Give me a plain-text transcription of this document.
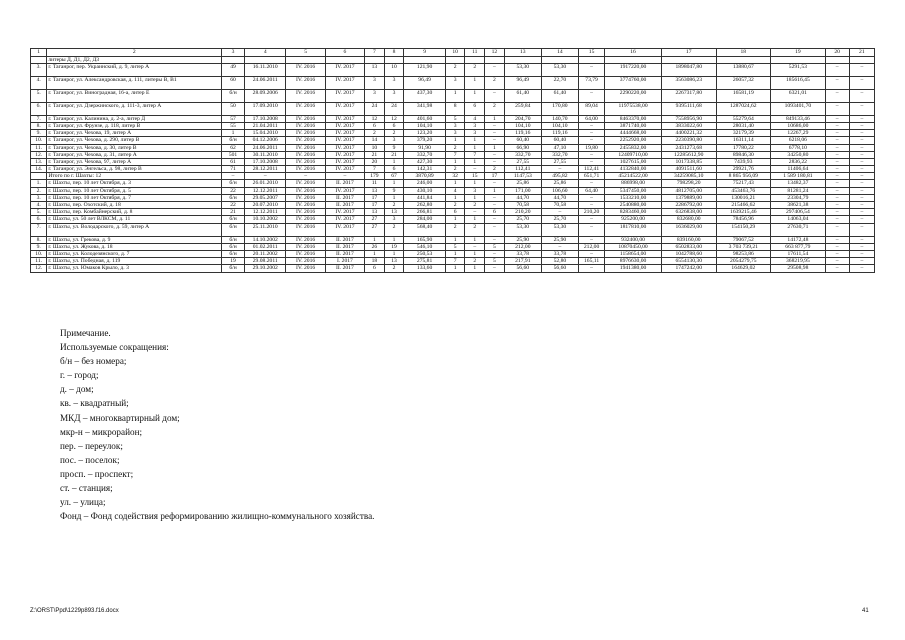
1	2	3	4	5	6	7	8	9	10	11	12	13	14	15	16	17	18	19	20	21
	литеры Д, Д1, Д2, Д3																			
3.	г. Таганрог, пер. Украинский, д. 9, литер А	49	16.11.2010	IV. 2016	IV. 2017	13	10	121,90	2	2	–	53,30	53,30	–	1917220,00	1898047,80	13880,67	5291,53	–	–
4.	г. Таганрог, ул. Александровская, д. 111, литеры В, В1	60	24.06.2011	IV. 2016	IV. 2017	3	3	96,49	3	1	2	96,49	22,70	73,79	3774760,00	3563086,23	26057,32	185616,45	–	–
5.	г. Таганрог, ул. Виноградная, 16-а, литер Е	б/н	28.09.2006	IV. 2016	IV. 2017	3	3	437,30	1	1	–	61,40	61,40	–	2290220,00	2267317,80	16581,19	6321,01	–	–
6.	г. Таганрог, ул. Дзержинского, д. 111-3, литер А	50	17.09.2010	IV. 2016	IV. 2017	24	24	341,98	8	6	2	259,84	170,80	89,04	11975538,00	9395111,68	1287024,62	1093401,70	–	–
7.	г. Таганрог, ул. Калинина, д. 2-а, литер Д	57	17.10.2008	IV. 2016	IV. 2017	12	12	401,60	5	4	1	204,70	140,70	64,00	8463370,00	7558956,90	55279,64	849133,46	–	–
8.	г. Таганрог, ул. Фрунзе, д. 118, литер В	55	21.04.2011	IV. 2016	IV. 2017	6	6	104,10	3	3	–	104,10	104,10	–	3871740,00	3833022,60	28031,40	10686,00	–	–
9.	г. Таганрог, ул. Чехова, 19, литер А	1	15.04.2010	IV. 2016	IV. 2017	2	2	123,20	3	3	–	119,16	119,16	–	4444668,00	4400221,32	32179,39	12267,29	–	–
10.	г. Таганрог, ул. Чехова, д. 290, литер В	б/н	04.12.2006	IV. 2016	IV. 2017	14	3	379,20	1	1	–	60,40	60,40	–	2252920,00	2230390,80	16311,14	6218,06	–	–
11.	г. Таганрог, ул. Чехова, д. 30, литер В	62	24.06.2011	IV. 2016	IV. 2017	10	9	91,90	2	1	1	66,90	47,10	19,80	2455832,00	2431273,68	17780,22	6778,10	–	–
12.	г. Таганрог, ул. Чехова, д. 31, литер А	501	30.11.2010	IV. 2016	IV. 2017	21	21	332,70	7	7	–	332,70	332,70	–	12409710,00	12285612,90	89846,30	34250,80	–	–
13.	г. Таганрог, ул. Чехова, 97, литер А	61	17.10.2008	IV. 2016	IV. 2017	20	1	427,30	1	1	–	27,55	27,55	–	1027615,00	1017338,85	7439,93	2836,22	–	–
14.	г. Таганрог, ул. Энгельса, д. 98, литер В	71	28.12.2011	IV. 2016	IV. 2017	7	6	142,31	2	–	2	112,41	–	112,41	4132840,00	4091511,60	29921,76	11406,64	–	–
	Итого по г. Шахты: 12	–	–	–	–	179	67	3870,89	32	15	17	1147,53	495,82	651,71	45214522,00	34259085,10	8 865 956,09	1 589 180,81	–	–
1.	г. Шахты, пер. 10 лет Октября, д. 3	б/н	26.01.2010	IV. 2016	II. 2017	11	1	246,00	1	1	–	25,86	25,86	–	886998,00	798298,20	75217,43	13482,37	–	–
2.	г. Шахты, пер. 10 лет Октября, д. 5	22	12.12.2011	IV. 2016	IV. 2017	13	9	430,10	4	3	1	171,00	106,60	64,40	5347450,00	4812705,00	453463,76	81281,24	–	–
3.	г. Шахты, пер. 10 лет Октября, д. 7	б/н	29.05.2007	IV. 2016	II. 2017	17	1	441,84	1	1	–	44,70	44,70	–	1533210,00	1379889,00	130016,21	23304,79	–	–
4.	г. Шахты, пер. Охотский, д. 18	22	20.07.2010	IV. 2016	II. 2017	17	2	262,80	2	2	–	70,58	70,58	–	2540880,00	2286792,00	215466,62	38621,38	–	–
5.	г. Шахты, пер. Комбайнерский, д. 8	21	12.12.2011	IV. 2016	IV. 2017	13	13	266,81	6	–	6	210,20	–	210,20	8283460,00	6326838,00	1639215,46	297406,54	–	–
6.	г. Шахты, ул. 50 лет ВЛКСМ, д. 11	б/н	10.10.2002	IV. 2016	IV. 2017	27	3	284,00	1	1	–	25,70	25,70	–	925200,00	832680,00	78456,96	14063,04	–	–
7.	г. Шахты, ул. Володарского, д. 59, литер А	б/н	25.11.2010	IV. 2016	IV. 2017	27	2	568,40	2	2	–	53,30	53,30	–	1817810,00	1636029,00	154150,29	27630,71	–	–
8.	г. Шахты, ул. Грекова, д. 9	б/н	14.10.2002	IV. 2016	II. 2017	1	1	165,90	1	1	–	25,90	25,90	–	932400,00	839160,00	79067,52	14172,48	–	–
9.	г. Шахты, ул. Жукова, д. 18	б/н	01.02.2011	IV. 2016	II. 2017	26	19	546,10	5	–	5	212,00	–	212,00	10870450,00	6502833,00	3 703 739,21	663 877,79	–	–
10.	г. Шахты, ул. Колодезянского, д. 7	б/н	20.11.2002	IV. 2016	II. 2017	1	1	250,53	1	1	–	33,78	33,78	–	1158654,00	1042788,60	98253,86	17611,54	–	–
11.	г. Шахты, ул. Победная, д. 119	19	29.08.2011	IV. 2016	I. 2017	18	13	275,81	7	2	5	217,91	52,80	165,11	8976630,00	6554130,30	2054279,75	368219,95	–	–
12.	г. Шахты, ул. Юмаков Крыло, д. 3	б/н	29.10.2002	IV. 2016	II. 2017	6	2	133,60	1	1	–	56,60	56,60	–	1941380,00	1747242,00	164629,02	29508,98	–	–
Примечание.
Используемые сокращения:
б/н – без номера;
г. – город;
д. – дом;
кв. – квадратный;
МКД – многоквартирный дом;
мкр-н – микрорайон;
пер. – переулок;
пос. – поселок;
просп. – проспект;
ст. – станция;
ул. – улица;
Фонд – Фонд содействия реформированию жилищно-коммунального хозяйства.
Z:\ORST\Ppd\1229p893.f16.docx	41
